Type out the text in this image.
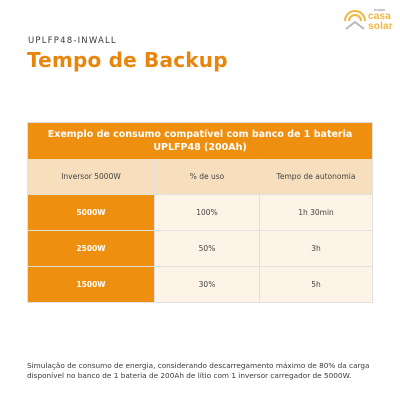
nossa
casa
solar
UPLFP48-INWALL
Tempo de Backup
Exemplo de consumo compatível com banco de 1 bateria
UPLFP48 (200Ah)
Inversor 5000W	% de uso	Tempo de autonomia
5000W	100%	1h 30min
2500W	50%	3h
1500W	30%	5h
Simulação de consumo de energia, considerando descarregamento máximo de 80% da carga disponível no banco de 1 bateria de 200Ah de lítio com 1 inversor carregador de 5000W.
